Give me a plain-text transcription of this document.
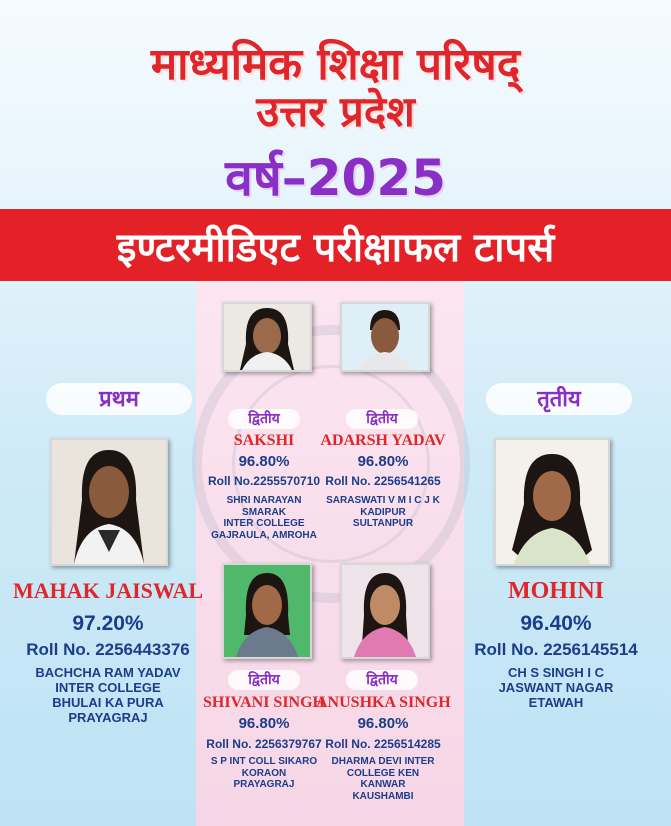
माध्यमिक शिक्षा परिषद्
उत्तर प्रदेश
वर्ष–2025
इण्टरमीडिएट परीक्षाफल टापर्स
प्रथम
MAHAK JAISWAL
97.20%
Roll No. 2256443376
BACHCHA RAM YADAV
INTER COLLEGE
BHULAI KA PURA
PRAYAGRAJ
तृतीय
MOHINI
96.40%
Roll No. 2256145514
CH S SINGH I C
JASWANT NAGAR
ETAWAH
द्वितीय
SAKSHI
96.80%
Roll No.2255570710
SHRI NARAYAN
SMARAK
INTER COLLEGE
GAJRAULA, AMROHA
द्वितीय
ADARSH YADAV
96.80%
Roll No. 2256541265
SARASWATI V M I C J K
KADIPUR
SULTANPUR
द्वितीय
SHIVANI SINGH
96.80%
Roll No. 2256379767
S P INT COLL SIKARO
KORAON
PRAYAGRAJ
द्वितीय
ANUSHKA SINGH
96.80%
Roll No. 2256514285
DHARMA DEVI INTER
COLLEGE KEN
KANWAR
KAUSHAMBI
